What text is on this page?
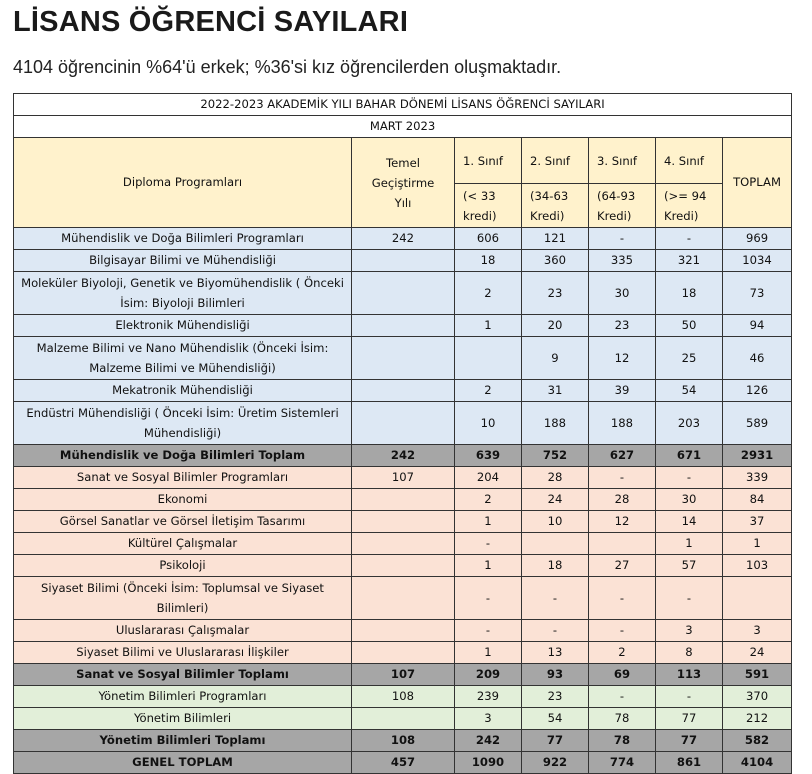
LİSANS ÖĞRENCİ SAYILARI

4104 öğrencinin %64'ü erkek; %36'si kız öğrencilerden oluşmaktadır.

2022-2023 AKADEMİK YILI BAHAR DÖNEMİ LİSANS ÖĞRENCİ SAYILARI						
MART 2023						
Diploma Programları	Temel Geçiştirme Yılı	1. Sınıf	2. Sınıf	3. Sınıf	4. Sınıf	TOPLAM
		(< 33 kredi)	(34-63 Kredi)	(64-93 Kredi)	(>= 94 Kredi)	
Mühendislik ve Doğa Bilimleri Programları	242	606	121	-	-	969
Bilgisayar Bilimi ve Mühendisliği		18	360	335	321	1034
Moleküler Biyoloji, Genetik ve Biyomühendislik ( Önceki İsim: Biyoloji Bilimleri		2	23	30	18	73
Elektronik Mühendisliği		1	20	23	50	94
Malzeme Bilimi ve Nano Mühendislik (Önceki İsim: Malzeme Bilimi ve Mühendisliği)			9	12	25	46
Mekatronik Mühendisliği		2	31	39	54	126
Endüstri Mühendisliği ( Önceki İsim: Üretim Sistemleri Mühendisliği)		10	188	188	203	589
Mühendislik ve Doğa Bilimleri Toplam	242	639	752	627	671	2931
Sanat ve Sosyal Bilimler Programları	107	204	28	-	-	339
Ekonomi		2	24	28	30	84
Görsel Sanatlar ve Görsel İletişim Tasarımı		1	10	12	14	37
Kültürel Çalışmalar		-			1	1
Psikoloji		1	18	27	57	103
Siyaset Bilimi (Önceki İsim: Toplumsal ve Siyaset Bilimleri)		-	-	-	-	
Uluslararası Çalışmalar		-	-	-	3	3
Siyaset Bilimi ve Uluslararası İlişkiler		1	13	2	8	24
Sanat ve Sosyal Bilimler Toplamı	107	209	93	69	113	591
Yönetim Bilimleri Programları	108	239	23	-	-	370
Yönetim Bilimleri		3	54	78	77	212
Yönetim Bilimleri Toplamı	108	242	77	78	77	582
GENEL TOPLAM	457	1090	922	774	861	4104
